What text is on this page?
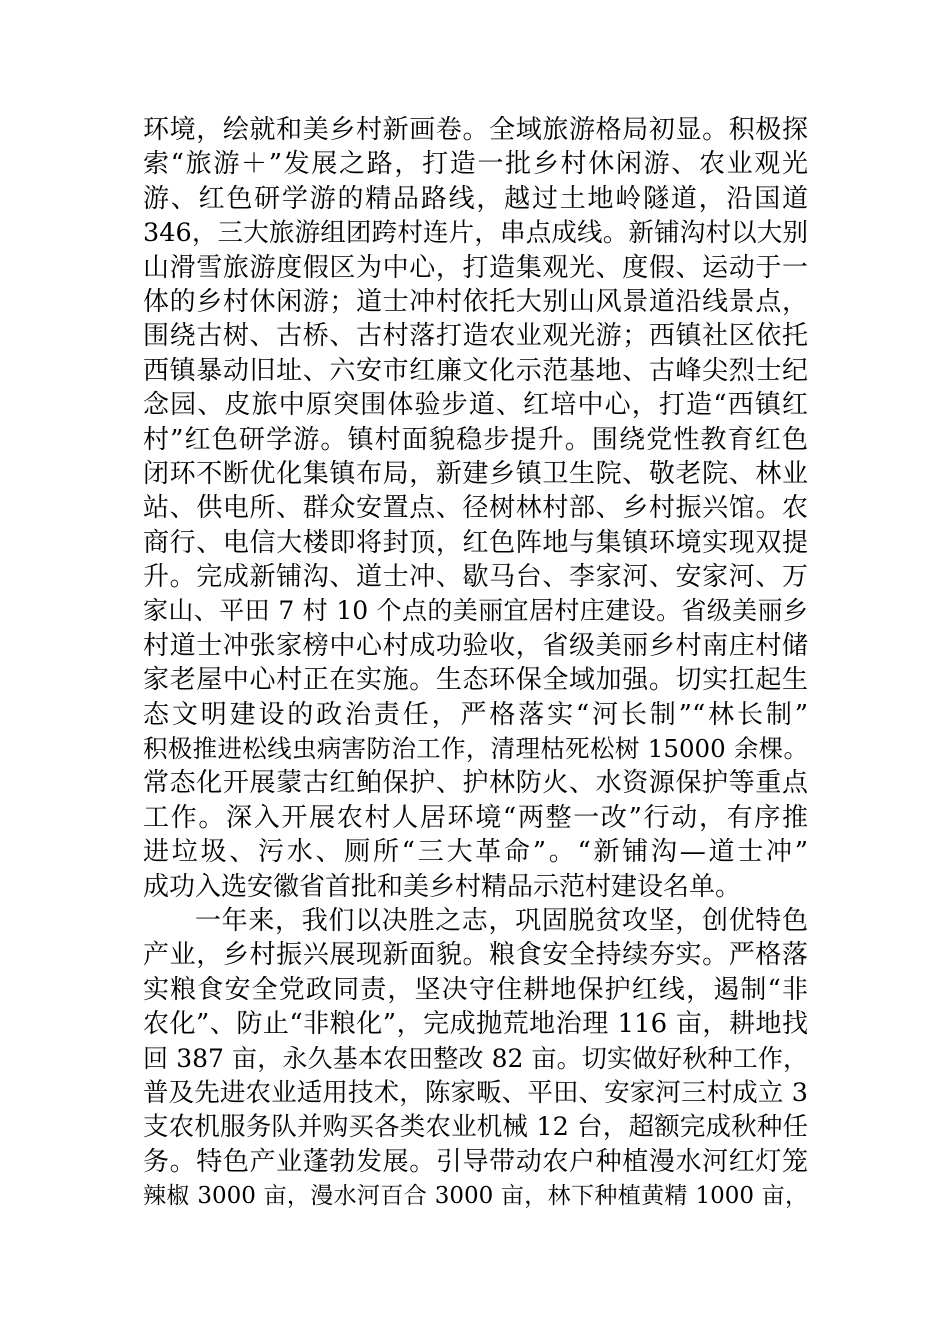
环境，绘就和美乡村新画卷。全域旅游格局初显。积极探
索“旅游＋”发展之路，打造一批乡村休闲游、农业观光
游、红色研学游的精品路线，越过土地岭隧道，沿国道
346，三大旅游组团跨村连片，串点成线。新铺沟村以大别
山滑雪旅游度假区为中心，打造集观光、度假、运动于一
体的乡村休闲游；道士冲村依托大别山风景道沿线景点，
围绕古树、古桥、古村落打造农业观光游；西镇社区依托
西镇暴动旧址、六安市红廉文化示范基地、古峰尖烈士纪
念园、皮旅中原突围体验步道、红培中心，打造“西镇红
村”红色研学游。镇村面貌稳步提升。围绕党性教育红色
闭环不断优化集镇布局，新建乡镇卫生院、敬老院、林业
站、供电所、群众安置点、径树林村部、乡村振兴馆。农
商行、电信大楼即将封顶，红色阵地与集镇环境实现双提
升。完成新铺沟、道士冲、歇马台、李家河、安家河、万
家山、平田 7 村 10 个点的美丽宜居村庄建设。省级美丽乡
村道士冲张家榜中心村成功验收，省级美丽乡村南庄村储
家老屋中心村正在实施。生态环保全域加强。切实扛起生
态文明建设的政治责任，严格落实“河长制”“林长制”
积极推进松线虫病害防治工作，清理枯死松树 15000 余棵。
常态化开展蒙古红鲌保护、护林防火、水资源保护等重点
工作。深入开展农村人居环境“两整一改”行动，有序推
进垃圾、污水、厕所“三大革命”。“新铺沟—道士冲”
成功入选安徽省首批和美乡村精品示范村建设名单。
一年来，我们以决胜之志，巩固脱贫攻坚，创优特色
产业，乡村振兴展现新面貌。粮食安全持续夯实。严格落
实粮食安全党政同责，坚决守住耕地保护红线，遏制“非
农化”、防止“非粮化”，完成抛荒地治理 116 亩，耕地找
回 387 亩，永久基本农田整改 82 亩。切实做好秋种工作，
普及先进农业适用技术，陈家畈、平田、安家河三村成立 3
支农机服务队并购买各类农业机械 12 台，超额完成秋种任
务。特色产业蓬勃发展。引导带动农户种植漫水河红灯笼
辣椒 3000 亩，漫水河百合 3000 亩，林下种植黄精 1000 亩，
